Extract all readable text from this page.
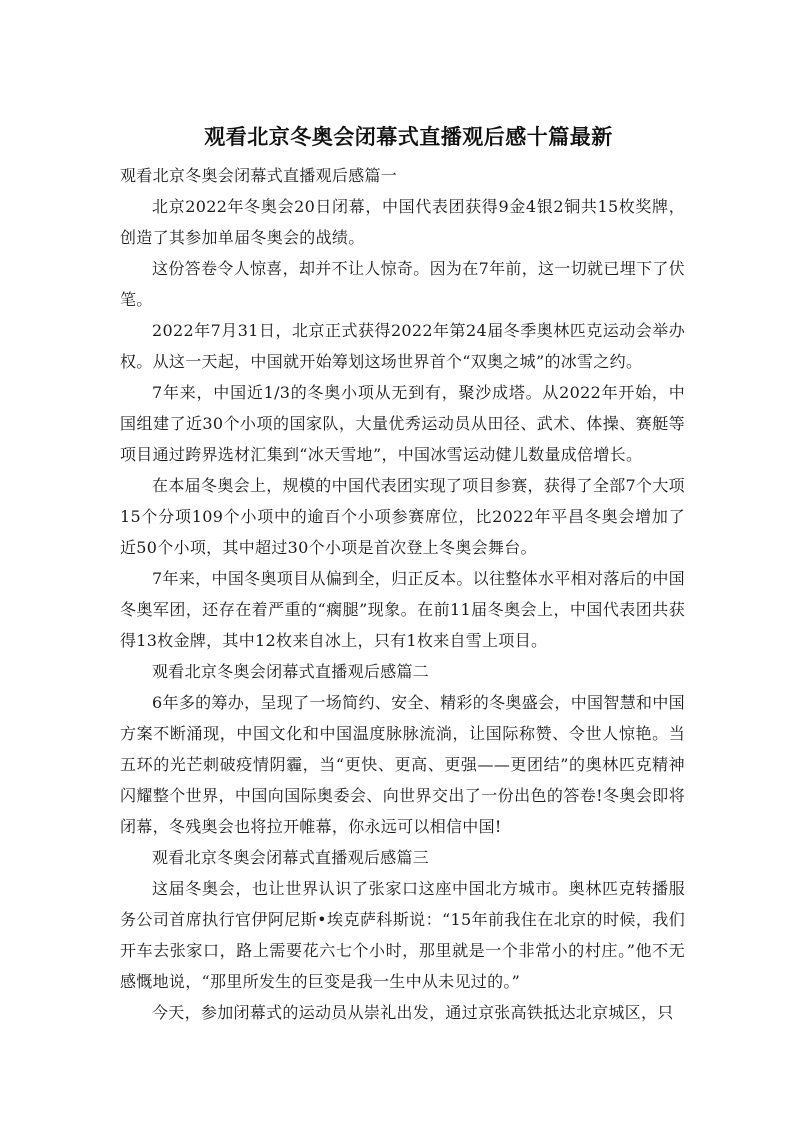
观看北京冬奥会闭幕式直播观后感十篇最新

观看北京冬奥会闭幕式直播观后感篇一

北京2022年冬奥会20日闭幕，中国代表团获得9金4银2铜共15枚奖牌，创造了其参加单届冬奥会的战绩。

这份答卷令人惊喜，却并不让人惊奇。因为在7年前，这一切就已埋下了伏笔。

2022年7月31日，北京正式获得2022年第24届冬季奥林匹克运动会举办权。从这一天起，中国就开始筹划这场世界首个“双奥之城”的冰雪之约。

7年来，中国近1/3的冬奥小项从无到有，聚沙成塔。从2022年开始，中国组建了近30个小项的国家队，大量优秀运动员从田径、武术、体操、赛艇等项目通过跨界选材汇集到“冰天雪地”，中国冰雪运动健儿数量成倍增长。

在本届冬奥会上，规模的中国代表团实现了项目参赛，获得了全部7个大项15个分项109个小项中的逾百个小项参赛席位，比2022年平昌冬奥会增加了近50个小项，其中超过30个小项是首次登上冬奥会舞台。

7年来，中国冬奥项目从偏到全，归正反本。以往整体水平相对落后的中国冬奥军团，还存在着严重的“瘸腿”现象。在前11届冬奥会上，中国代表团共获得13枚金牌，其中12枚来自冰上，只有1枚来自雪上项目。

观看北京冬奥会闭幕式直播观后感篇二

6年多的筹办，呈现了一场简约、安全、精彩的冬奥盛会，中国智慧和中国方案不断涌现，中国文化和中国温度脉脉流淌，让国际称赞、令世人惊艳。当五环的光芒刺破疫情阴霾，当“更快、更高、更强——更团结”的奥林匹克精神闪耀整个世界，中国向国际奥委会、向世界交出了一份出色的答卷!冬奥会即将闭幕，冬残奥会也将拉开帷幕，你永远可以相信中国!

观看北京冬奥会闭幕式直播观后感篇三

这届冬奥会，也让世界认识了张家口这座中国北方城市。奥林匹克转播服务公司首席执行官伊阿尼斯•埃克萨科斯说：“15年前我住在北京的时候，我们开车去张家口，路上需要花六七个小时，那里就是一个非常小的村庄。”他不无感慨地说，“那里所发生的巨变是我一生中从未见过的。”

今天，参加闭幕式的运动员从崇礼出发，通过京张高铁抵达北京城区，只
